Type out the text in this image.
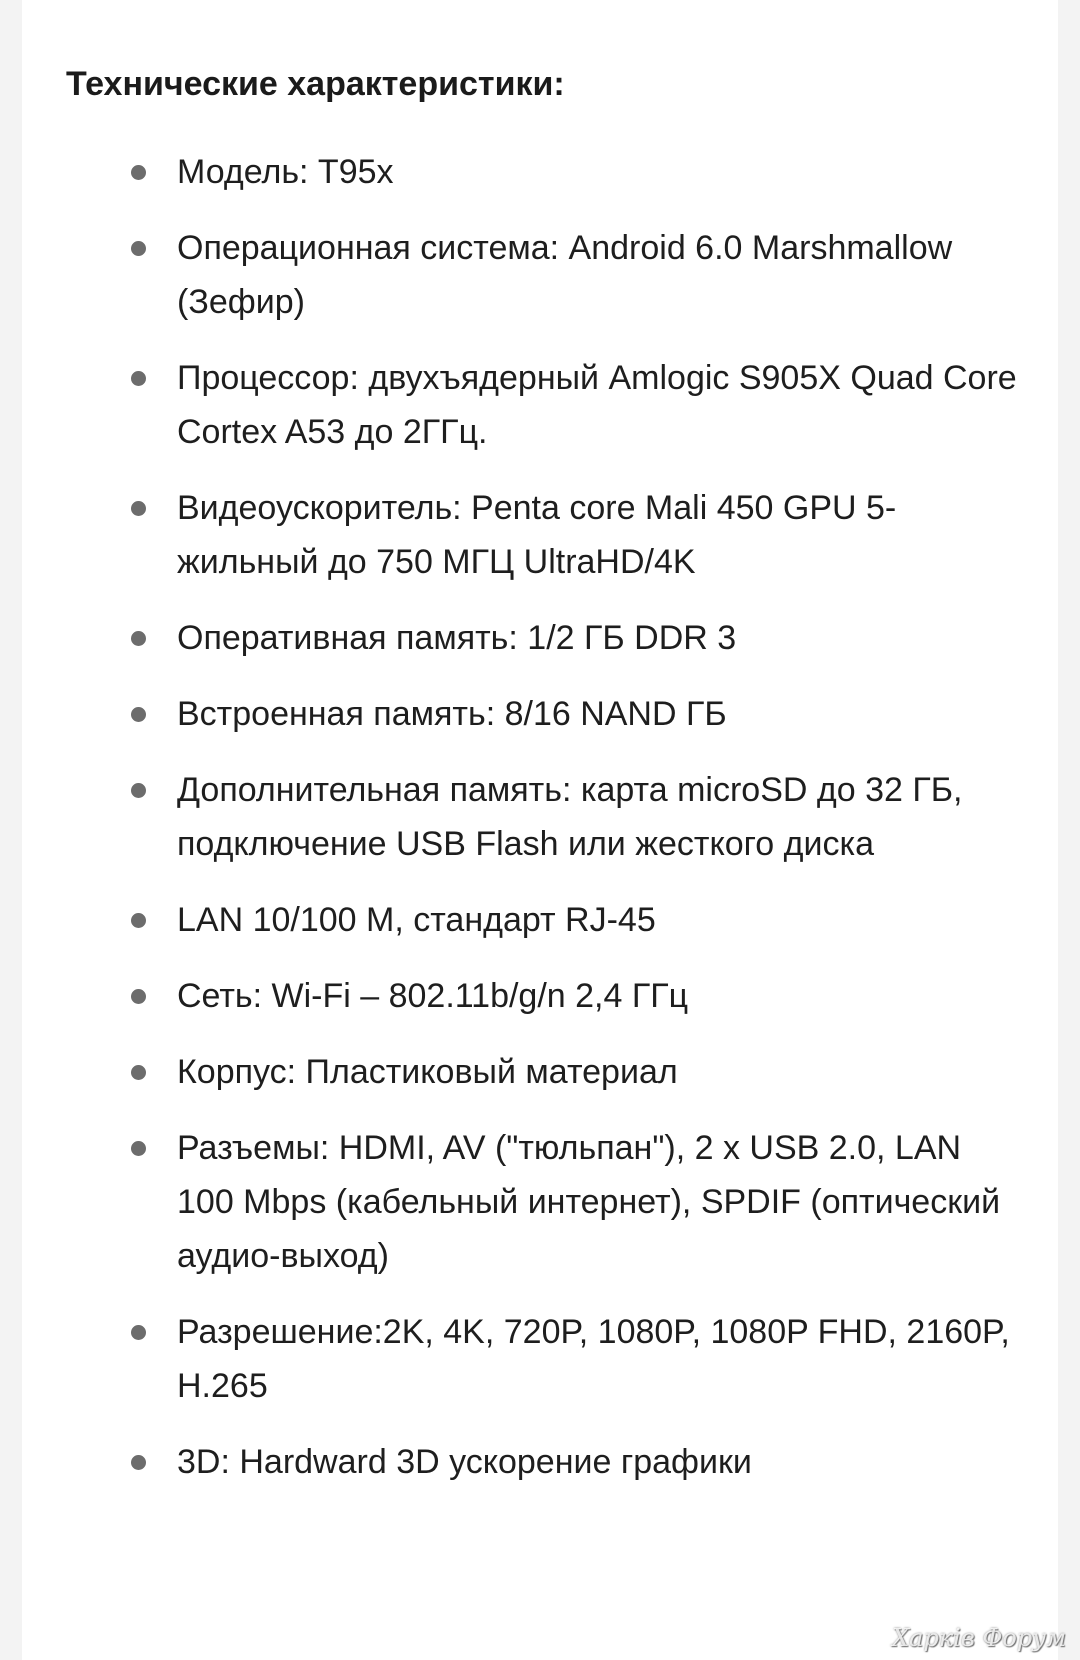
Технические характеристики:
Модель: T95х
Операционная система: Android 6.0 Marshmallow (Зефир)
Процессор: двухъядерный Amlogic S905X Quad Core Cortex A53 до 2ГГц.
Видеоускоритель: Penta core Mali 450 GPU 5-жильный до 750 МГЦ UltraHD/4K
Оперативная память: 1/2 ГБ DDR 3
Встроенная память: 8/16 NAND ГБ
Дополнительная память: карта microSD до 32 ГБ, подключение USB Flash или жесткого диска
LAN 10/100 M, стандарт RJ-45
Сеть: Wi-Fi – 802.11b/g/n 2,4 ГГц
Корпус: Пластиковый материал
Разъемы: HDMI, AV ("тюльпан"), 2 х USB 2.0, LAN 100 Mbps (кабельный интернет), SPDIF (оптический аудио-выход)
Разрешение:2K, 4K, 720P, 1080P, 1080P FHD, 2160P, H.265
3D: Hardward 3D ускорение графики
Харків Форум
